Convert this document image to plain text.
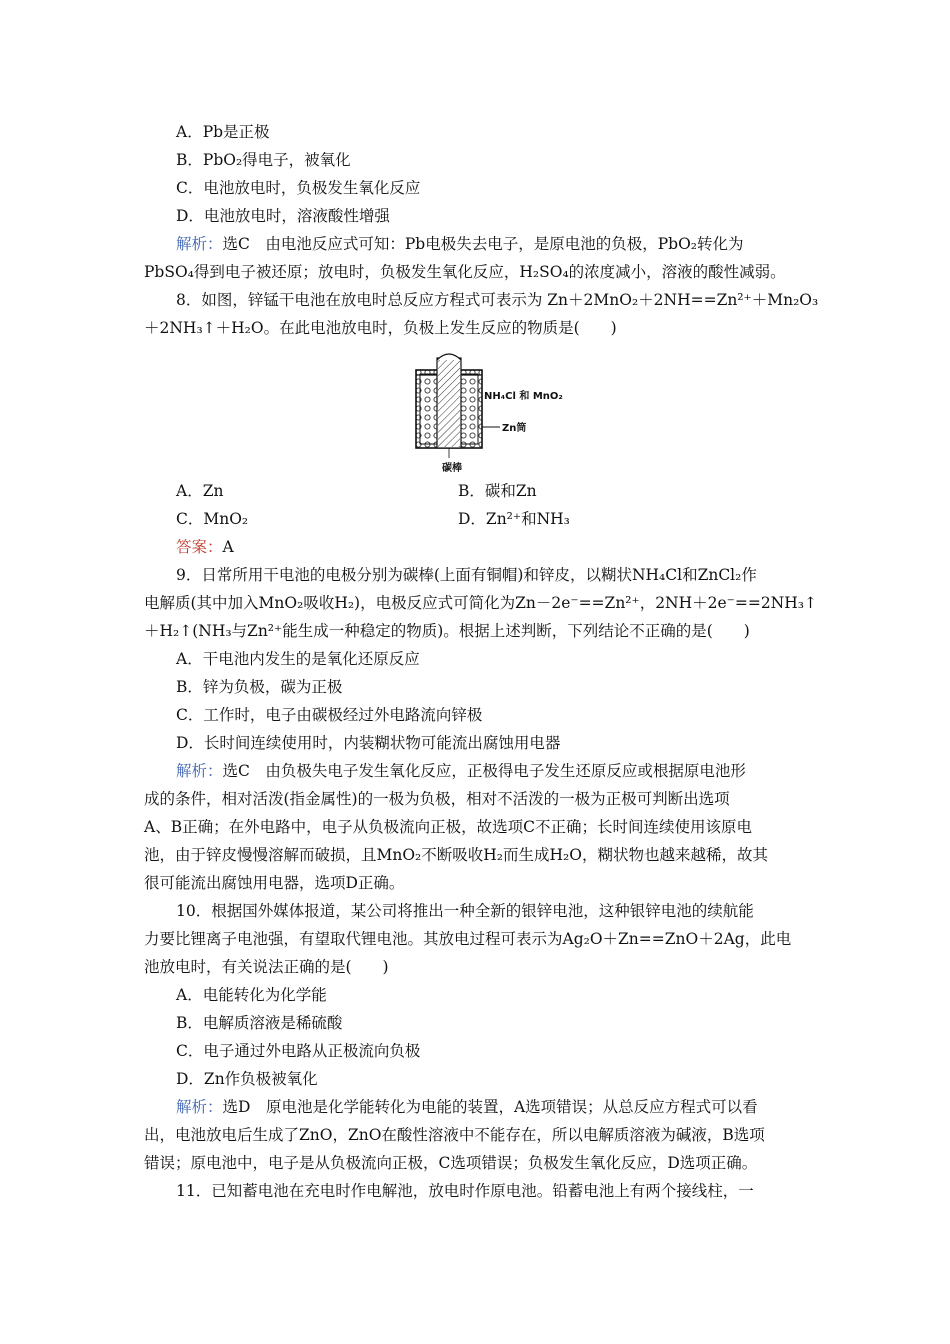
A．Pb是正极
B．PbO₂得电子，被氧化
C．电池放电时，负极发生氧化反应
D．电池放电时，溶液酸性增强
解析：选C　由电池反应式可知：Pb电极失去电子，是原电池的负极，PbO₂转化为
PbSO₄得到电子被还原；放电时，负极发生氧化反应，H₂SO₄的浓度减小，溶液的酸性减弱。
8．如图，锌锰干电池在放电时总反应方程式可表示为 Zn＋2MnO₂＋2NH==Zn²⁺＋Mn₂O₃
＋2NH₃↑＋H₂O。在此电池放电时，负极上发生反应的物质是(　　)
NH₄Cl 和 MnO₂
Zn筒
碳棒
A．Zn	B．碳和Zn
C．MnO₂	D．Zn²⁺和NH₃
答案：A
9．日常所用干电池的电极分别为碳棒(上面有铜帽)和锌皮，以糊状NH₄Cl和ZnCl₂作
电解质(其中加入MnO₂吸收H₂)，电极反应式可简化为Zn－2e⁻==Zn²⁺，2NH＋2e⁻==2NH₃↑
＋H₂↑(NH₃与Zn²⁺能生成一种稳定的物质)。根据上述判断，下列结论不正确的是(　　)
A．干电池内发生的是氧化还原反应
B．锌为负极，碳为正极
C．工作时，电子由碳极经过外电路流向锌极
D．长时间连续使用时，内装糊状物可能流出腐蚀用电器
解析：选C　由负极失电子发生氧化反应，正极得电子发生还原反应或根据原电池形
成的条件，相对活泼(指金属性)的一极为负极，相对不活泼的一极为正极可判断出选项
A、B正确；在外电路中，电子从负极流向正极，故选项C不正确；长时间连续使用该原电
池，由于锌皮慢慢溶解而破损，且MnO₂不断吸收H₂而生成H₂O，糊状物也越来越稀，故其
很可能流出腐蚀用电器，选项D正确。
10．根据国外媒体报道，某公司将推出一种全新的银锌电池，这种银锌电池的续航能
力要比锂离子电池强，有望取代锂电池。其放电过程可表示为Ag₂O＋Zn==ZnO＋2Ag，此电
池放电时，有关说法正确的是(　　)
A．电能转化为化学能
B．电解质溶液是稀硫酸
C．电子通过外电路从正极流向负极
D．Zn作负极被氧化
解析：选D　原电池是化学能转化为电能的装置，A选项错误；从总反应方程式可以看
出，电池放电后生成了ZnO，ZnO在酸性溶液中不能存在，所以电解质溶液为碱液，B选项
错误；原电池中，电子是从负极流向正极，C选项错误；负极发生氧化反应，D选项正确。
11．已知蓄电池在充电时作电解池，放电时作原电池。铅蓄电池上有两个接线柱，一
